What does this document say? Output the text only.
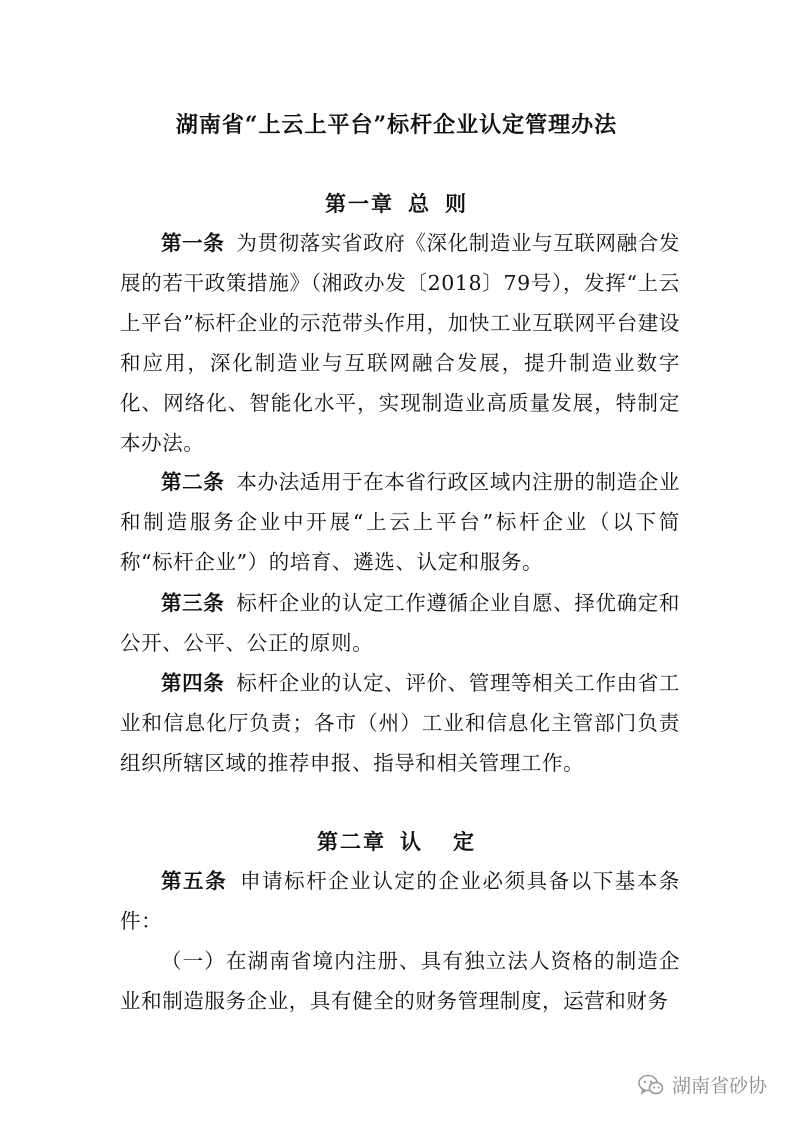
湖南省“上云上平台”标杆企业认定管理办法
第一章 总 则
第一条 为贯彻落实省政府《深化制造业与互联网融合发展的若干政策措施》（湘政办发〔2018〕79号），发挥“上云上平台”标杆企业的示范带头作用，加快工业互联网平台建设和应用，深化制造业与互联网融合发展，提升制造业数字化、网络化、智能化水平，实现制造业高质量发展，特制定本办法。
第二条 本办法适用于在本省行政区域内注册的制造企业和制造服务企业中开展“上云上平台”标杆企业（以下简称“标杆企业”）的培育、遴选、认定和服务。
第三条 标杆企业的认定工作遵循企业自愿、择优确定和公开、公平、公正的原则。
第四条 标杆企业的认定、评价、管理等相关工作由省工业和信息化厅负责；各市（州）工业和信息化主管部门负责组织所辖区域的推荐申报、指导和相关管理工作。
第二章 认 定
第五条 申请标杆企业认定的企业必须具备以下基本条件：
（一）在湖南省境内注册、具有独立法人资格的制造企业和制造服务企业，具有健全的财务管理制度，运营和财务
湖南省砂协
